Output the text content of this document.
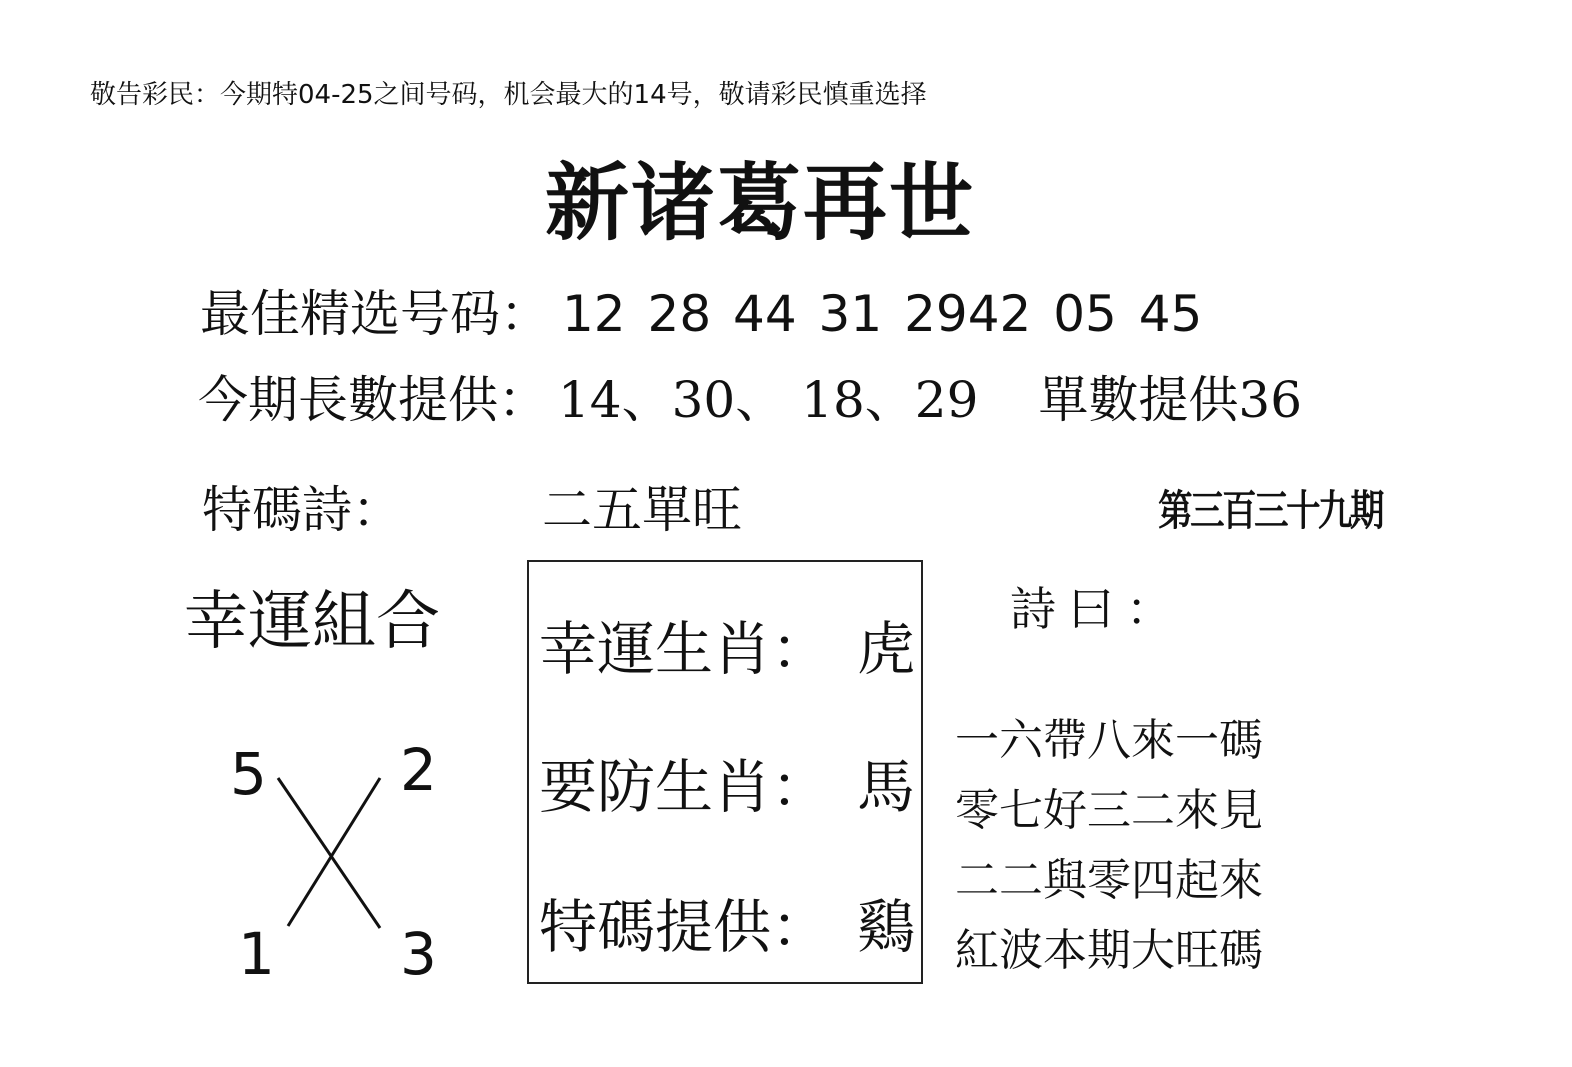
敬告彩民：今期特04-25之间号码，机会最大的14号，敬请彩民慎重选择
新诸葛再世
最佳精选号码： 12 28 44 31 2942 05 45
今期長數提供： 14、30、 18、29 單數提供36
特碼詩：	二五單旺	第三百三十九期
幸運組合
5 2
1 3
幸運生肖： 虎
要防生肖： 馬
特碼提供： 鷄
詩曰：
一六帶八來一碼
零七好三二來見
二二與零四起來
紅波本期大旺碼
